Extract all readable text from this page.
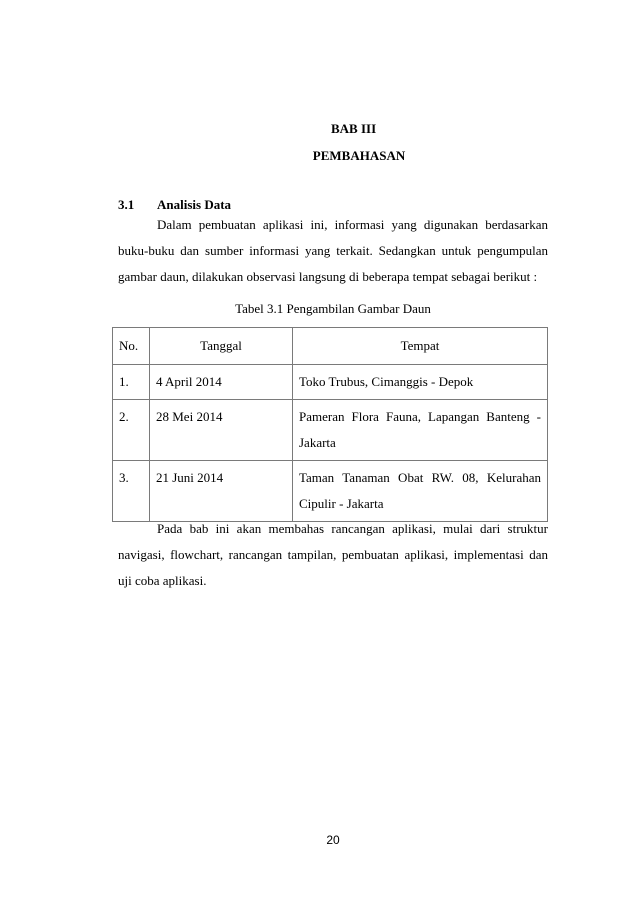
BAB III
PEMBAHASAN
3.1 Analisis Data

Dalam pembuatan aplikasi ini, informasi yang digunakan berdasarkan buku-buku dan sumber informasi yang terkait. Sedangkan untuk pengumpulan gambar daun, dilakukan observasi langsung di beberapa tempat sebagai berikut :

Tabel 3.1 Pengambilan Gambar Daun
No.	Tanggal	Tempat
1.	4 April 2014	Toko Trubus, Cimanggis - Depok
2.	28 Mei 2014	Pameran Flora Fauna, Lapangan Banteng - Jakarta
3.	21 Juni 2014	Taman Tanaman Obat RW. 08, Kelurahan Cipulir - Jakarta

Pada bab ini akan membahas rancangan aplikasi, mulai dari struktur navigasi, flowchart, rancangan tampilan, pembuatan aplikasi, implementasi dan uji coba aplikasi.

20
